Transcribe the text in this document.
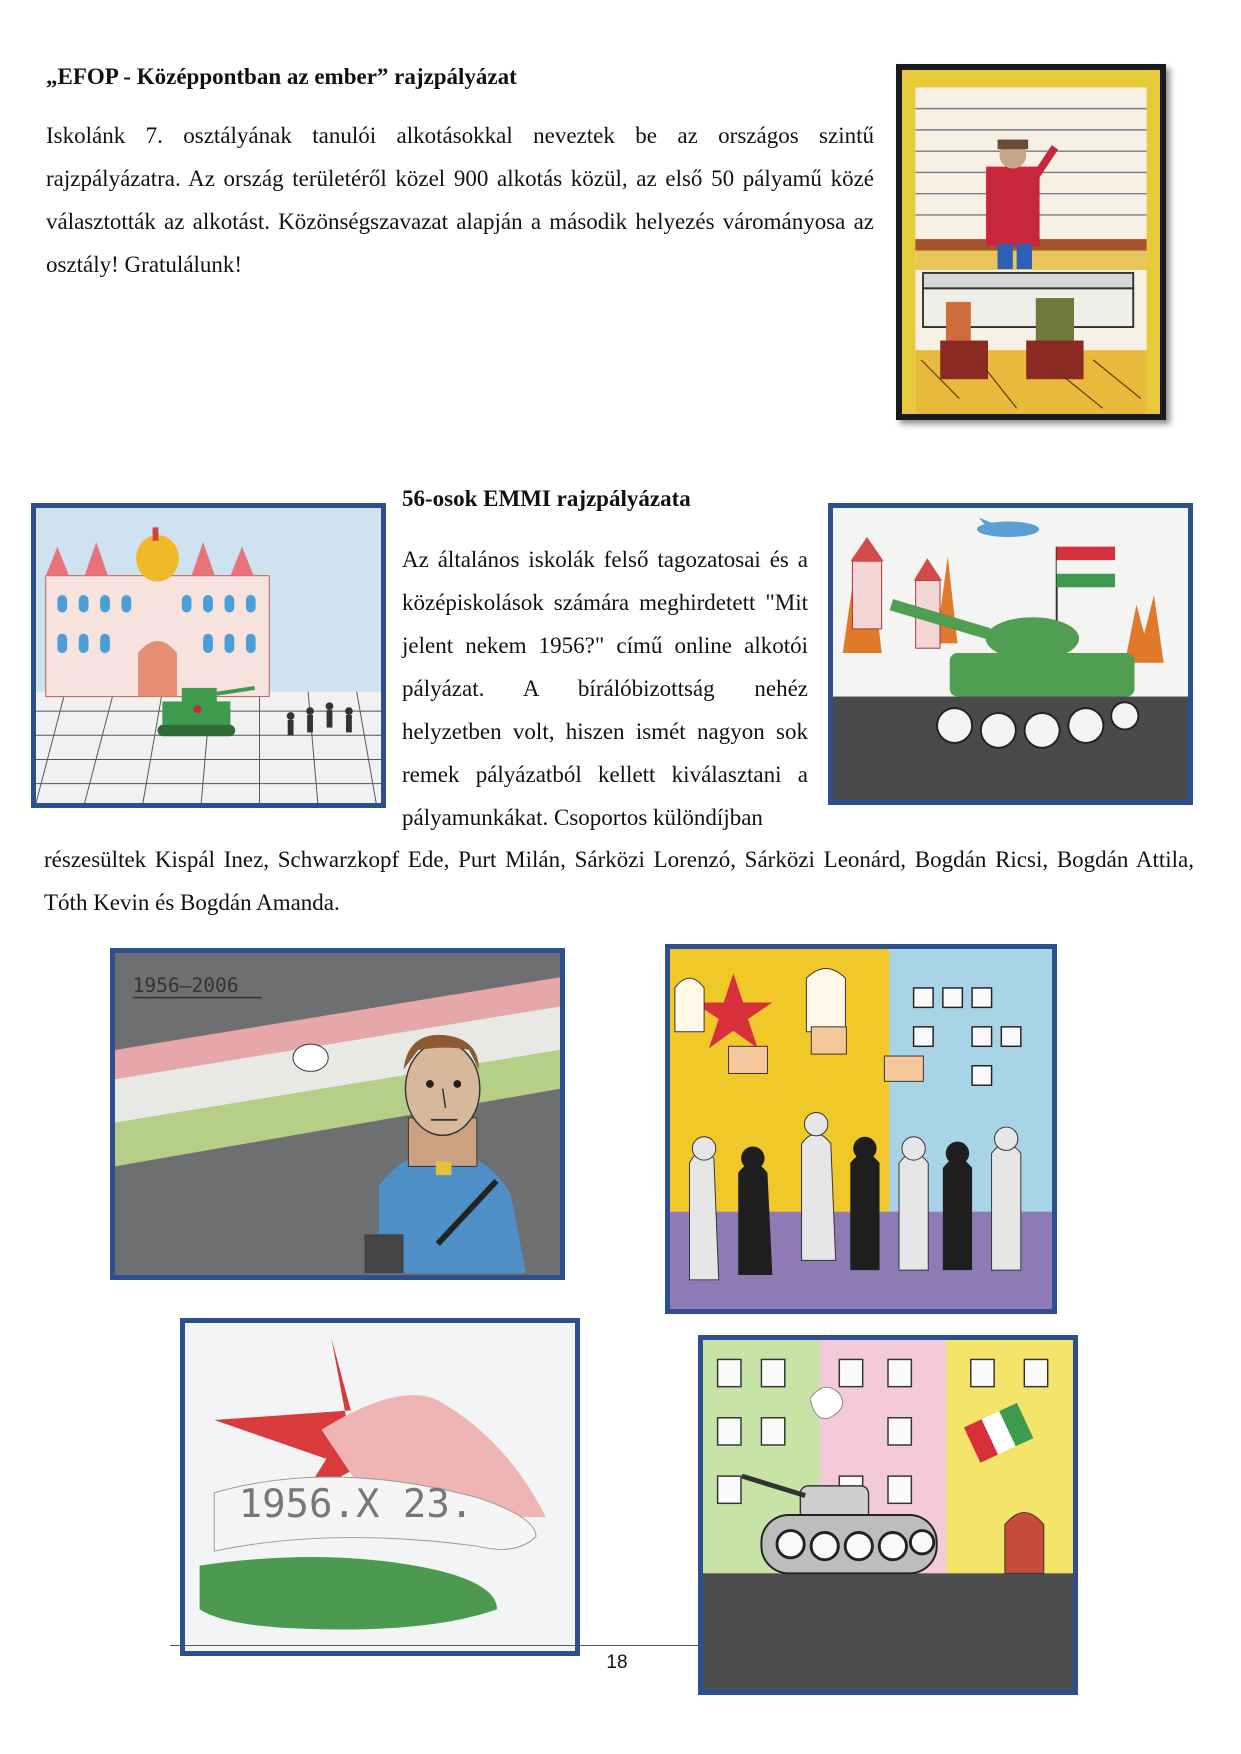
„EFOP - Középpontban az ember” rajzpályázat

Iskolánk 7. osztályának tanulói alkotásokkal neveztek be az országos szintű rajzpályázatra. Az ország területéről közel 900 alkotás közül, az első 50 pályamű közé választották az alkotást. Közönségszavazat alapján a második helyezés várományosa az osztály! Gratulálunk!

56-osok EMMI rajzpályázata

Az általános iskolák felső tagozatosai és a középiskolások számára meghirdetett "Mit jelent nekem 1956?" című online alkotói pályázat. A bírálóbizottság nehéz helyzetben volt, hiszen ismét nagyon sok remek pályázatból kellett kiválasztani a pályamunkákat. Csoportos különdíjban

részesültek Kispál Inez, Schwarzkopf Ede, Purt Milán, Sárközi Lorenzó, Sárközi Leonárd, Bogdán Ricsi, Bogdán Attila, Tóth Kevin és Bogdán Amanda.

1956–2006
1956.X 23.
18
